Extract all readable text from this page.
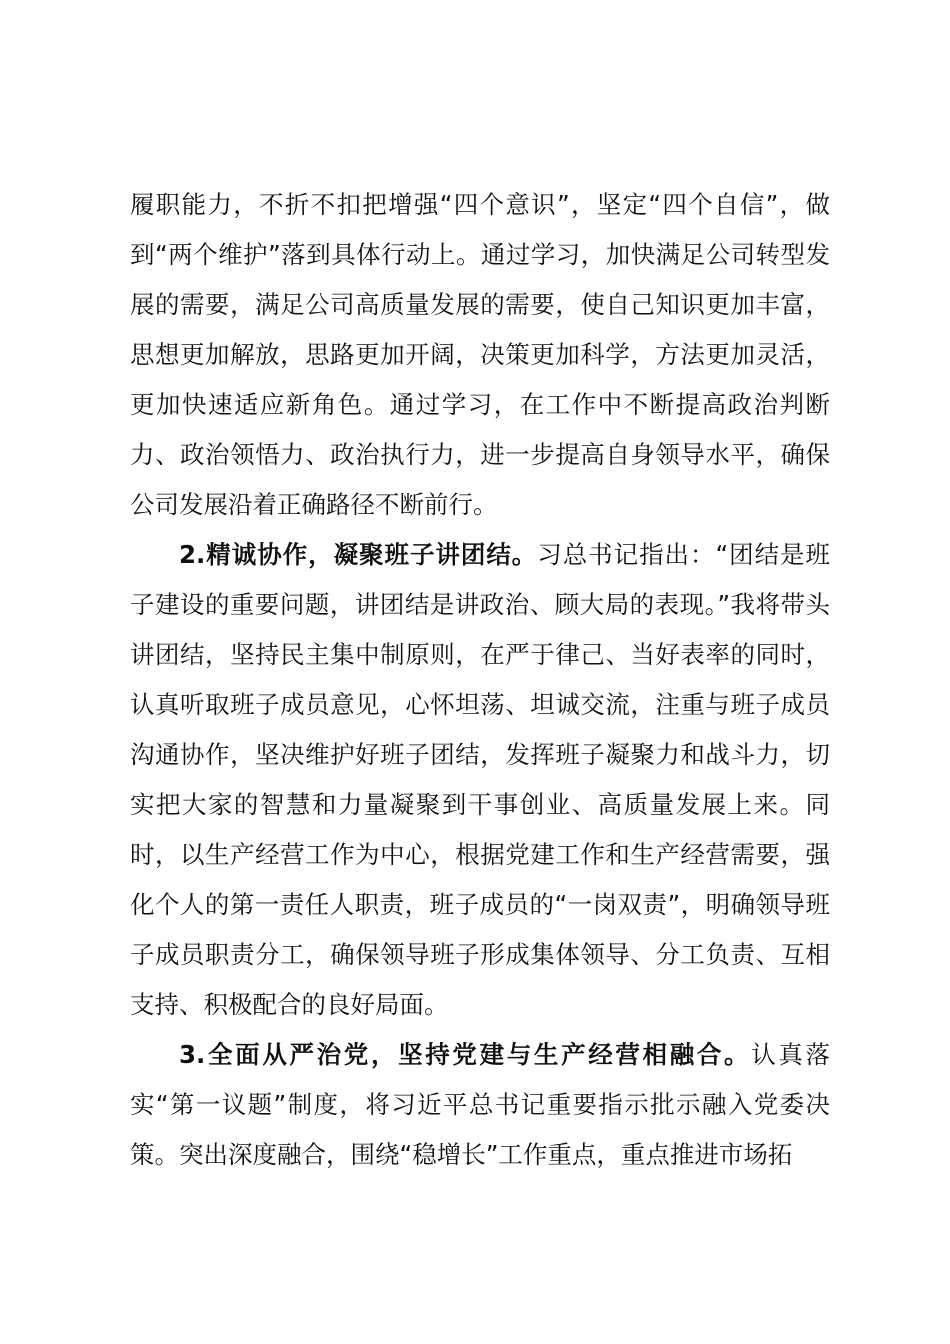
履职能力，不折不扣把增强“四个意识”，坚定“四个自信”，做到“两个维护”落到具体行动上。通过学习，加快满足公司转型发展的需要，满足公司高质量发展的需要，使自己知识更加丰富，思想更加解放，思路更加开阔，决策更加科学，方法更加灵活，更加快速适应新角色。通过学习，在工作中不断提高政治判断力、政治领悟力、政治执行力，进一步提高自身领导水平，确保公司发展沿着正确路径不断前行。

2.精诚协作，凝聚班子讲团结。习总书记指出：“团结是班子建设的重要问题，讲团结是讲政治、顾大局的表现。”我将带头讲团结，坚持民主集中制原则，在严于律己、当好表率的同时，认真听取班子成员意见，心怀坦荡、坦诚交流，注重与班子成员沟通协作，坚决维护好班子团结，发挥班子凝聚力和战斗力，切实把大家的智慧和力量凝聚到干事创业、高质量发展上来。同时，以生产经营工作为中心，根据党建工作和生产经营需要，强化个人的第一责任人职责，班子成员的“一岗双责”，明确领导班子成员职责分工，确保领导班子形成集体领导、分工负责、互相支持、积极配合的良好局面。

3.全面从严治党，坚持党建与生产经营相融合。认真落实“第一议题”制度，将习近平总书记重要指示批示融入党委决策。突出深度融合，围绕“稳增长”工作重点，重点推进市场拓
